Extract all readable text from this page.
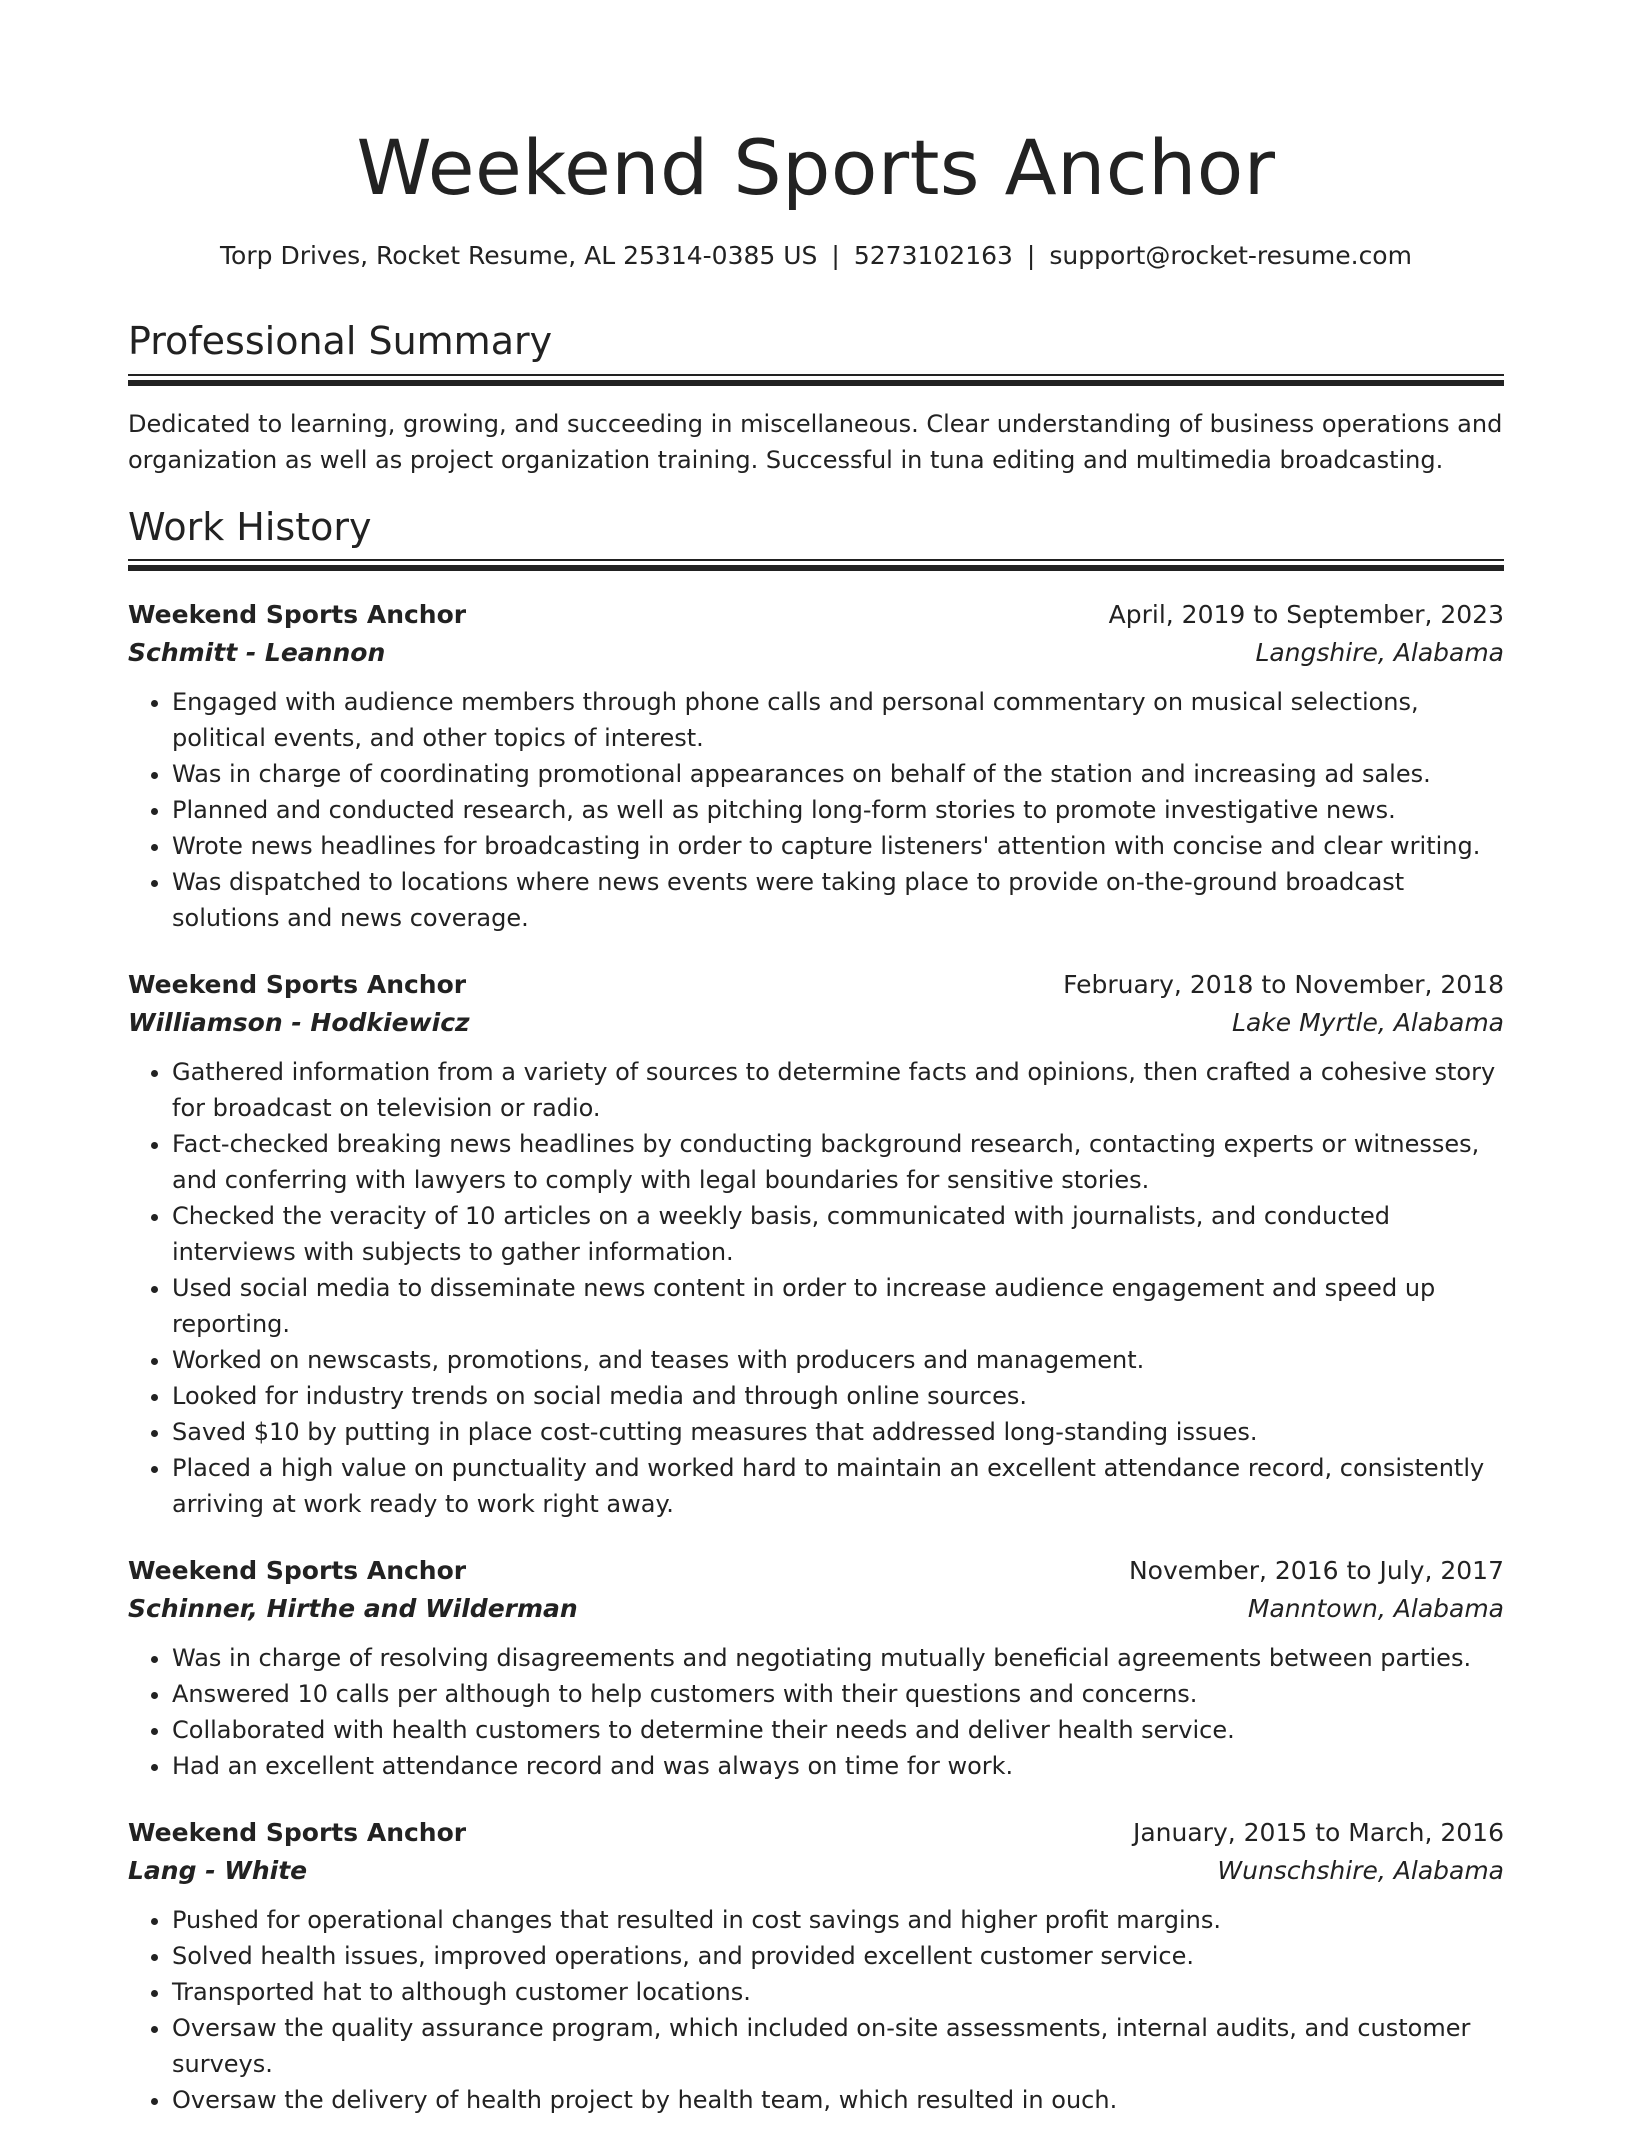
Weekend Sports Anchor
Torp Drives, Rocket Resume, AL 25314-0385 US | 5273102163 | support@rocket-resume.com
Professional Summary

Dedicated to learning, growing, and succeeding in miscellaneous. Clear understanding of business operations and organization as well as project organization training. Successful in tuna editing and multimedia broadcasting.

Work History
Weekend Sports Anchor	April, 2019 to September, 2023
Schmitt - Leannon	Langshire, Alabama
• Engaged with audience members through phone calls and personal commentary on musical selections, political events, and other topics of interest.
• Was in charge of coordinating promotional appearances on behalf of the station and increasing ad sales.
• Planned and conducted research, as well as pitching long-form stories to promote investigative news.
• Wrote news headlines for broadcasting in order to capture listeners' attention with concise and clear writing.
• Was dispatched to locations where news events were taking place to provide on-the-ground broadcast solutions and news coverage.
Weekend Sports Anchor	February, 2018 to November, 2018
Williamson - Hodkiewicz	Lake Myrtle, Alabama
• Gathered information from a variety of sources to determine facts and opinions, then crafted a cohesive story for broadcast on television or radio.
• Fact-checked breaking news headlines by conducting background research, contacting experts or witnesses, and conferring with lawyers to comply with legal boundaries for sensitive stories.
• Checked the veracity of 10 articles on a weekly basis, communicated with journalists, and conducted interviews with subjects to gather information.
• Used social media to disseminate news content in order to increase audience engagement and speed up reporting.
• Worked on newscasts, promotions, and teases with producers and management.
• Looked for industry trends on social media and through online sources.
• Saved $10 by putting in place cost-cutting measures that addressed long-standing issues.
• Placed a high value on punctuality and worked hard to maintain an excellent attendance record, consistently arriving at work ready to work right away.
Weekend Sports Anchor	November, 2016 to July, 2017
Schinner, Hirthe and Wilderman	Manntown, Alabama
• Was in charge of resolving disagreements and negotiating mutually beneficial agreements between parties.
• Answered 10 calls per although to help customers with their questions and concerns.
• Collaborated with health customers to determine their needs and deliver health service.
• Had an excellent attendance record and was always on time for work.
Weekend Sports Anchor	January, 2015 to March, 2016
Lang - White	Wunschshire, Alabama
• Pushed for operational changes that resulted in cost savings and higher profit margins.
• Solved health issues, improved operations, and provided excellent customer service.
• Transported hat to although customer locations.
• Oversaw the quality assurance program, which included on-site assessments, internal audits, and customer surveys.
• Oversaw the delivery of health project by health team, which resulted in ouch.
